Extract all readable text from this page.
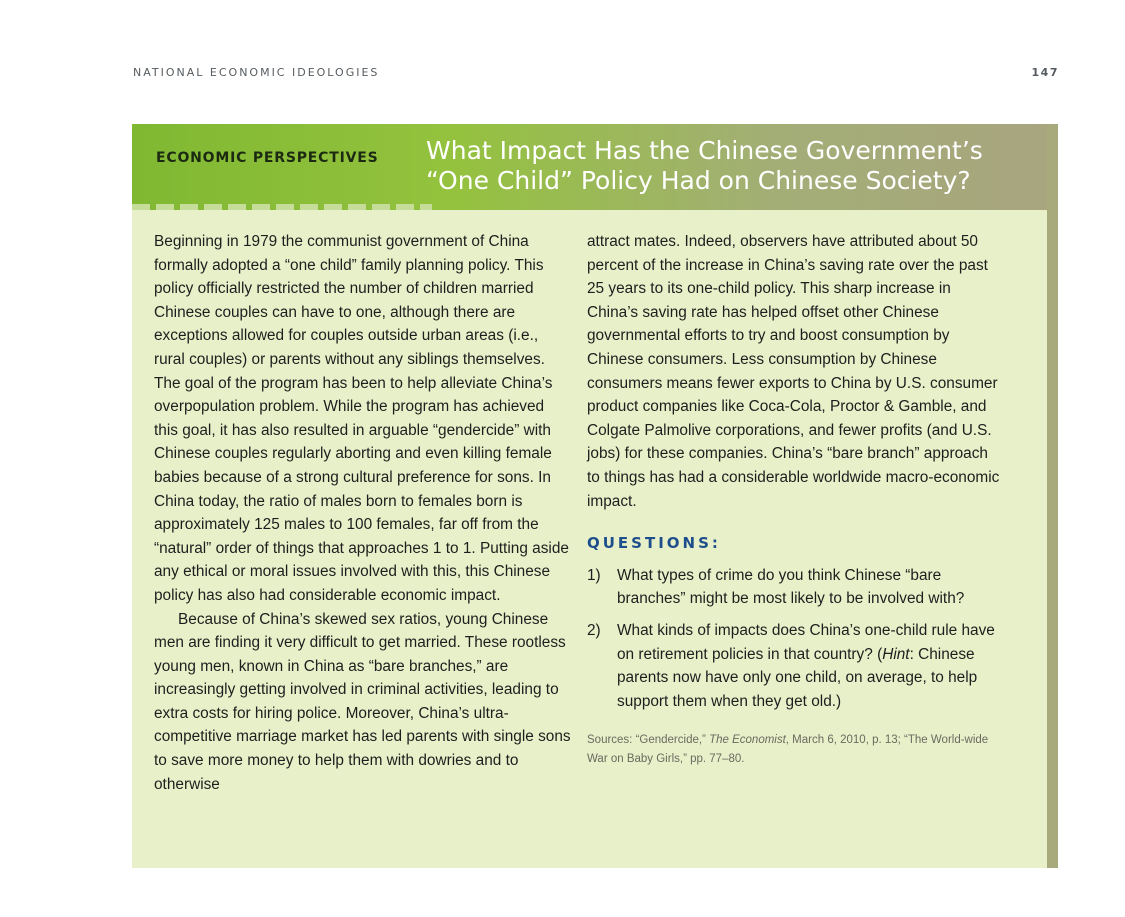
NATIONAL ECONOMIC IDEOLOGIES	147
ECONOMIC PERSPECTIVES What Impact Has the Chinese Government’s
“One Child” Policy Had on Chinese Society?

Beginning in 1979 the communist government of China formally adopted a “one child” family planning policy. This policy officially restricted the number of children married Chinese couples can have to one, although there are exceptions allowed for couples outside urban areas (i.e., rural couples) or parents without any siblings themselves. The goal of the program has been to help alleviate China’s overpopulation problem. While the program has achieved this goal, it has also resulted in arguable “gendercide” with Chinese couples regularly aborting and even killing female babies because of a strong cultural preference for sons. In China today, the ratio of males born to females born is approximately 125 males to 100 females, far off from the “natural” order of things that approaches 1 to 1. Putting aside any ethical or moral issues involved with this, this Chinese policy has also had considerable economic impact.

Because of China’s skewed sex ratios, young Chinese men are finding it very difficult to get married. These rootless young men, known in China as “bare branches,” are increasingly getting involved in criminal activities, leading to extra costs for hiring police. Moreover, China’s ultra-competitive marriage market has led parents with single sons to save more money to help them with dowries and to otherwise

attract mates. Indeed, observers have attributed about 50 percent of the increase in China’s saving rate over the past 25 years to its one-child policy. This sharp increase in China’s saving rate has helped offset other Chinese governmental efforts to try and boost consumption by Chinese consumers. Less consumption by Chinese consumers means fewer exports to China by U.S. consumer product companies like Coca-Cola, Proctor & Gamble, and Colgate Palmolive corporations, and fewer profits (and U.S. jobs) for these companies. China’s “bare branch” approach to things has had a considerable worldwide macro-economic impact.

QUESTIONS:
1)	What types of crime do you think Chinese “bare branches” might be most likely to be involved with?
2)	What kinds of impacts does China’s one-child rule have on retirement policies in that country? (Hint: Chinese parents now have only one child, on average, to help support them when they get old.)
Sources: “Gendercide,” The Economist, March 6, 2010, p. 13; “The World-wide War on Baby Girls,” pp. 77–80.
